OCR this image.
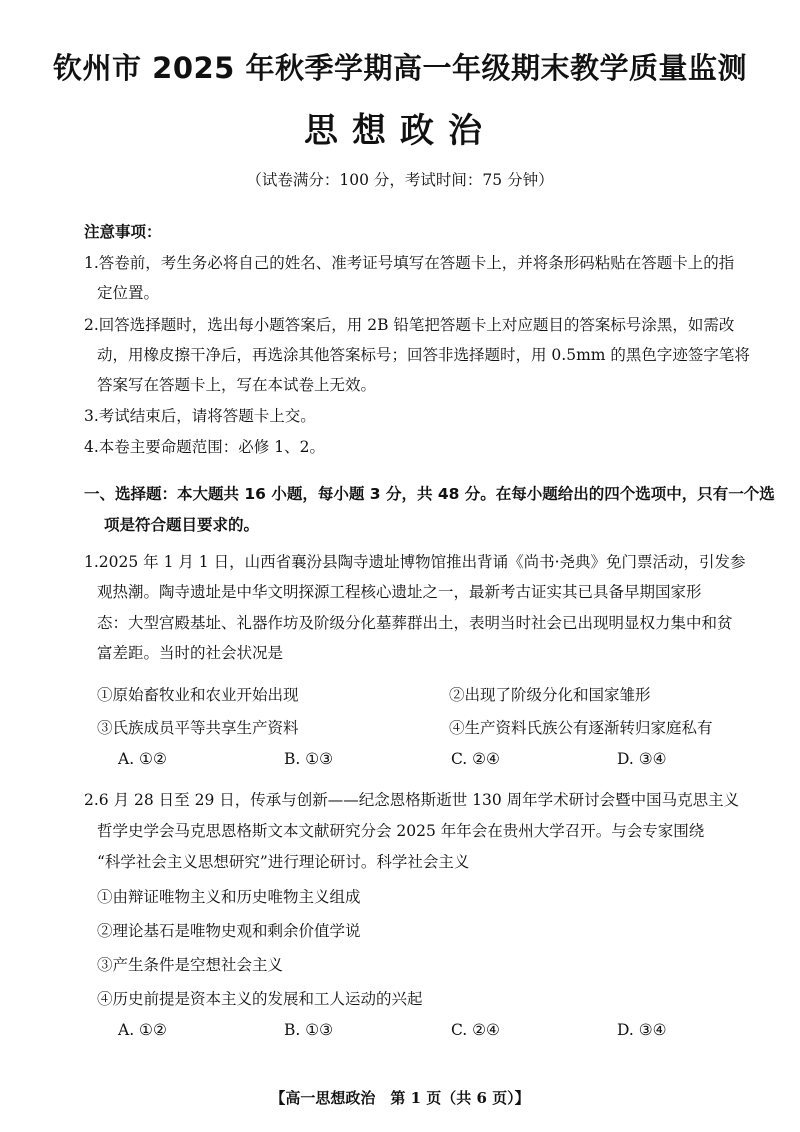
钦州市 2025 年秋季学期高一年级期末教学质量监测
思想政治
（试卷满分：100 分，考试时间：75 分钟）
注意事项：
1.答卷前，考生务必将自己的姓名、准考证号填写在答题卡上，并将条形码粘贴在答题卡上的指
定位置。
2.回答选择题时，选出每小题答案后，用 2B 铅笔把答题卡上对应题目的答案标号涂黑，如需改
动，用橡皮擦干净后，再选涂其他答案标号；回答非选择题时，用 0.5mm 的黑色字迹签字笔将
答案写在答题卡上，写在本试卷上无效。
3.考试结束后，请将答题卡上交。
4.本卷主要命题范围：必修 1、2。
一、选择题：本大题共 16 小题，每小题 3 分，共 48 分。在每小题给出的四个选项中，只有一个选
项是符合题目要求的。
1.2025 年 1 月 1 日，山西省襄汾县陶寺遗址博物馆推出背诵《尚书·尧典》免门票活动，引发参
观热潮。陶寺遗址是中华文明探源工程核心遗址之一，最新考古证实其已具备早期国家形
态：大型宫殿基址、礼器作坊及阶级分化墓葬群出土，表明当时社会已出现明显权力集中和贫
富差距。当时的社会状况是
①原始畜牧业和农业开始出现	②出现了阶级分化和国家雏形
③氏族成员平等共享生产资料	④生产资料氏族公有逐渐转归家庭私有
A. ①②	B. ①③	C. ②④	D. ③④
2.6 月 28 日至 29 日，传承与创新——纪念恩格斯逝世 130 周年学术研讨会暨中国马克思主义
哲学史学会马克思恩格斯文本文献研究分会 2025 年年会在贵州大学召开。与会专家围绕
“科学社会主义思想研究”进行理论研讨。科学社会主义
①由辩证唯物主义和历史唯物主义组成
②理论基石是唯物史观和剩余价值学说
③产生条件是空想社会主义
④历史前提是资本主义的发展和工人运动的兴起
A. ①②	B. ①③	C. ②④	D. ③④
【高一思想政治　第 1 页（共 6 页）】
